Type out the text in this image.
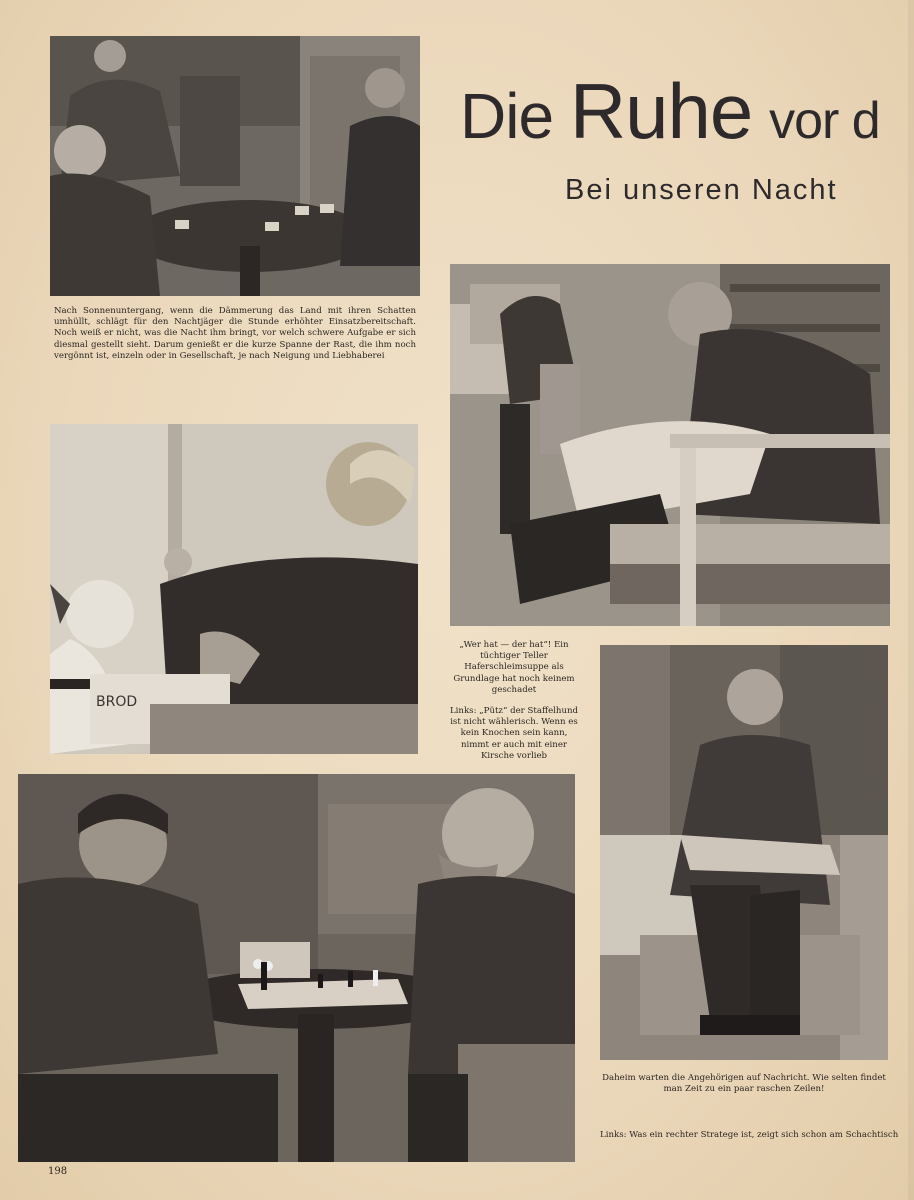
Die Ruhe vor d
Bei unseren Nacht
Nach Sonnenuntergang, wenn die Dämmerung das Land mit ihren Schatten umhüllt, schlägt für den Nachtjäger die Stunde erhöhter Einsatzbereitschaft. Noch weiß er nicht, was die Nacht ihm bringt, vor welch schwere Aufgabe er sich diesmal gestellt sieht. Darum genießt er die kurze Spanne der Rast, die ihm noch vergönnt ist, einzeln oder in Gesellschaft, je nach Neigung und Liebhaberei
BROD
„Wer hat — der hat“! Ein tüchtiger Teller Haferschleimsuppe als Grundlage hat noch keinem geschadet
Links: „Pütz“ der Staffelhund ist nicht wählerisch. Wenn es kein Knochen sein kann, nimmt er auch mit einer Kirsche vorlieb
Daheim warten die Angehörigen auf Nachricht. Wie selten findet man Zeit zu ein paar raschen Zeilen!
Links: Was ein rechter Stratege ist, zeigt sich schon am Schachtisch
198
